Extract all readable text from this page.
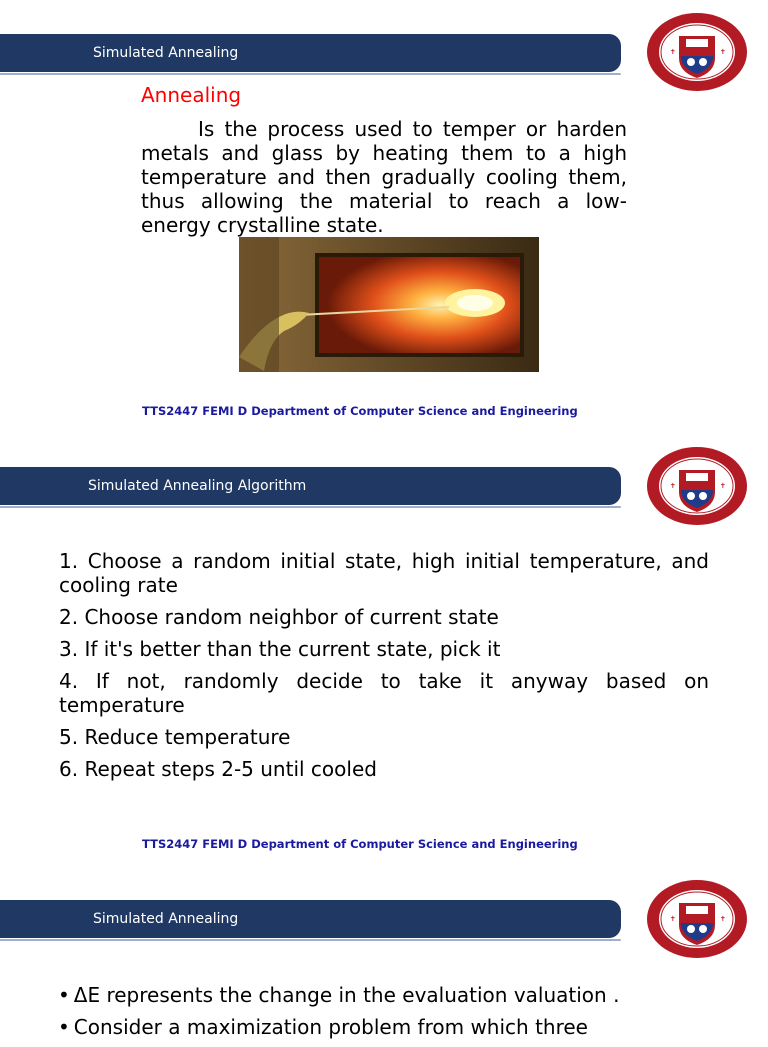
Simulated Annealing	✝	✝
Annealing

Is the process used to temper or harden metals and glass by heating them to a high temperature and then gradually cooling them, thus allowing the material to reach a low-energy crystalline state.

TTS2447 FEMI D Department of Computer Science and Engineering
Simulated Annealing Algorithm	✝	✝
1. Choose a random initial state, high initial temperature, and cooling rate
2. Choose random neighbor of current state
3. If it's better than the current state, pick it
4. If not, randomly decide to take it anyway based on temperature
5. Reduce temperature
6. Repeat steps 2-5 until cooled
TTS2447 FEMI D Department of Computer Science and Engineering
Simulated Annealing	✝	✝
• ΔE represents the change in the evaluation valuation .
• Consider a maximization problem from which three
